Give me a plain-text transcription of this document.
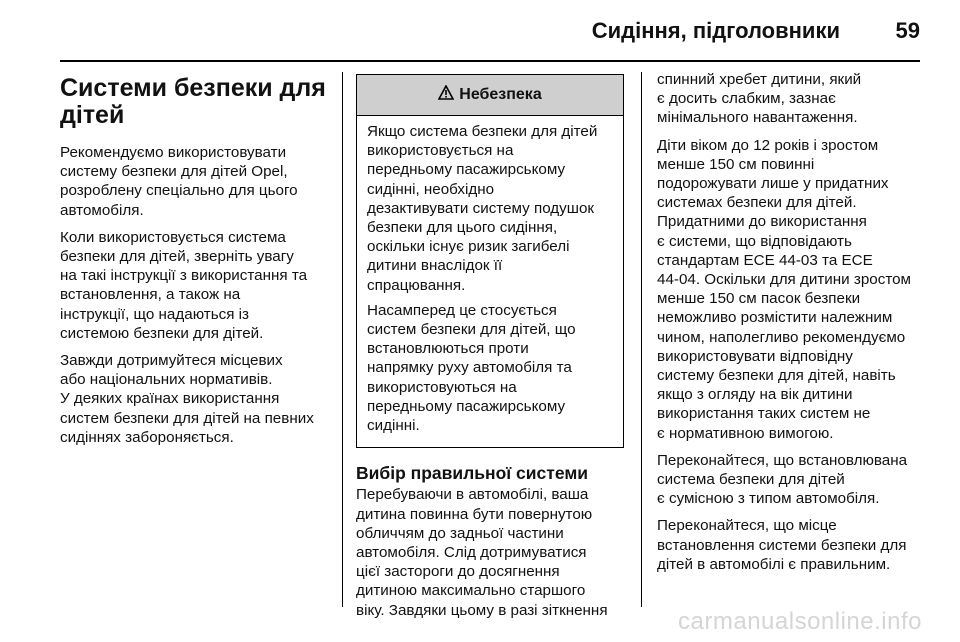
Сидіння, підголовники	59
Системи безпеки для
дітей

Рекомендуємо використовувати
систему безпеки для дітей Opel,
розроблену спеціально для цього
автомобіля.

Коли використовується система
безпеки для дітей, зверніть увагу
на такі інструкції з використання та
встановлення, а також на
інструкції, що надаються із
системою безпеки для дітей.

Завжди дотримуйтеся місцевих
або національних нормативів.
У деяких країнах використання
систем безпеки для дітей на певних
сидіннях забороняється.

Небезпека

Якщо система безпеки для дітей
використовується на
передньому пасажирському
сидінні, необхідно
дезактивувати систему подушок
безпеки для цього сидіння,
оскільки існує ризик загибелі
дитини внаслідок її
спрацювання.

Насамперед це стосується
систем безпеки для дітей, що
встановлюються проти
напрямку руху автомобіля та
використовуються на
передньому пасажирському
сидінні.

Вибір правильної системи

Перебуваючи в автомобілі, ваша
дитина повинна бути повернутою
обличчям до задньої частини
автомобіля. Слід дотримуватися
цієї застороги до досягнення
дитиною максимально старшого
віку. Завдяки цьому в разі зіткнення

спинний хребет дитини, який
є досить слабким, зазнає
мінімального навантаження.

Діти віком до 12 років і зростом
менше 150 см повинні
подорожувати лише у придатних
системах безпеки для дітей.
Придатними до використання
є системи, що відповідають
стандартам ЕСЕ 44-03 та ЕСЕ
44-04. Оскільки для дитини зростом
менше 150 см пасок безпеки
неможливо розмістити належним
чином, наполегливо рекомендуємо
використовувати відповідну
систему безпеки для дітей, навіть
якщо з огляду на вік дитини
використання таких систем не
є нормативною вимогою.

Переконайтеся, що встановлювана
система безпеки для дітей
є сумісною з типом автомобіля.

Переконайтеся, що місце
встановлення системи безпеки для
дітей в автомобілі є правильним.

carmanualsonline.info
